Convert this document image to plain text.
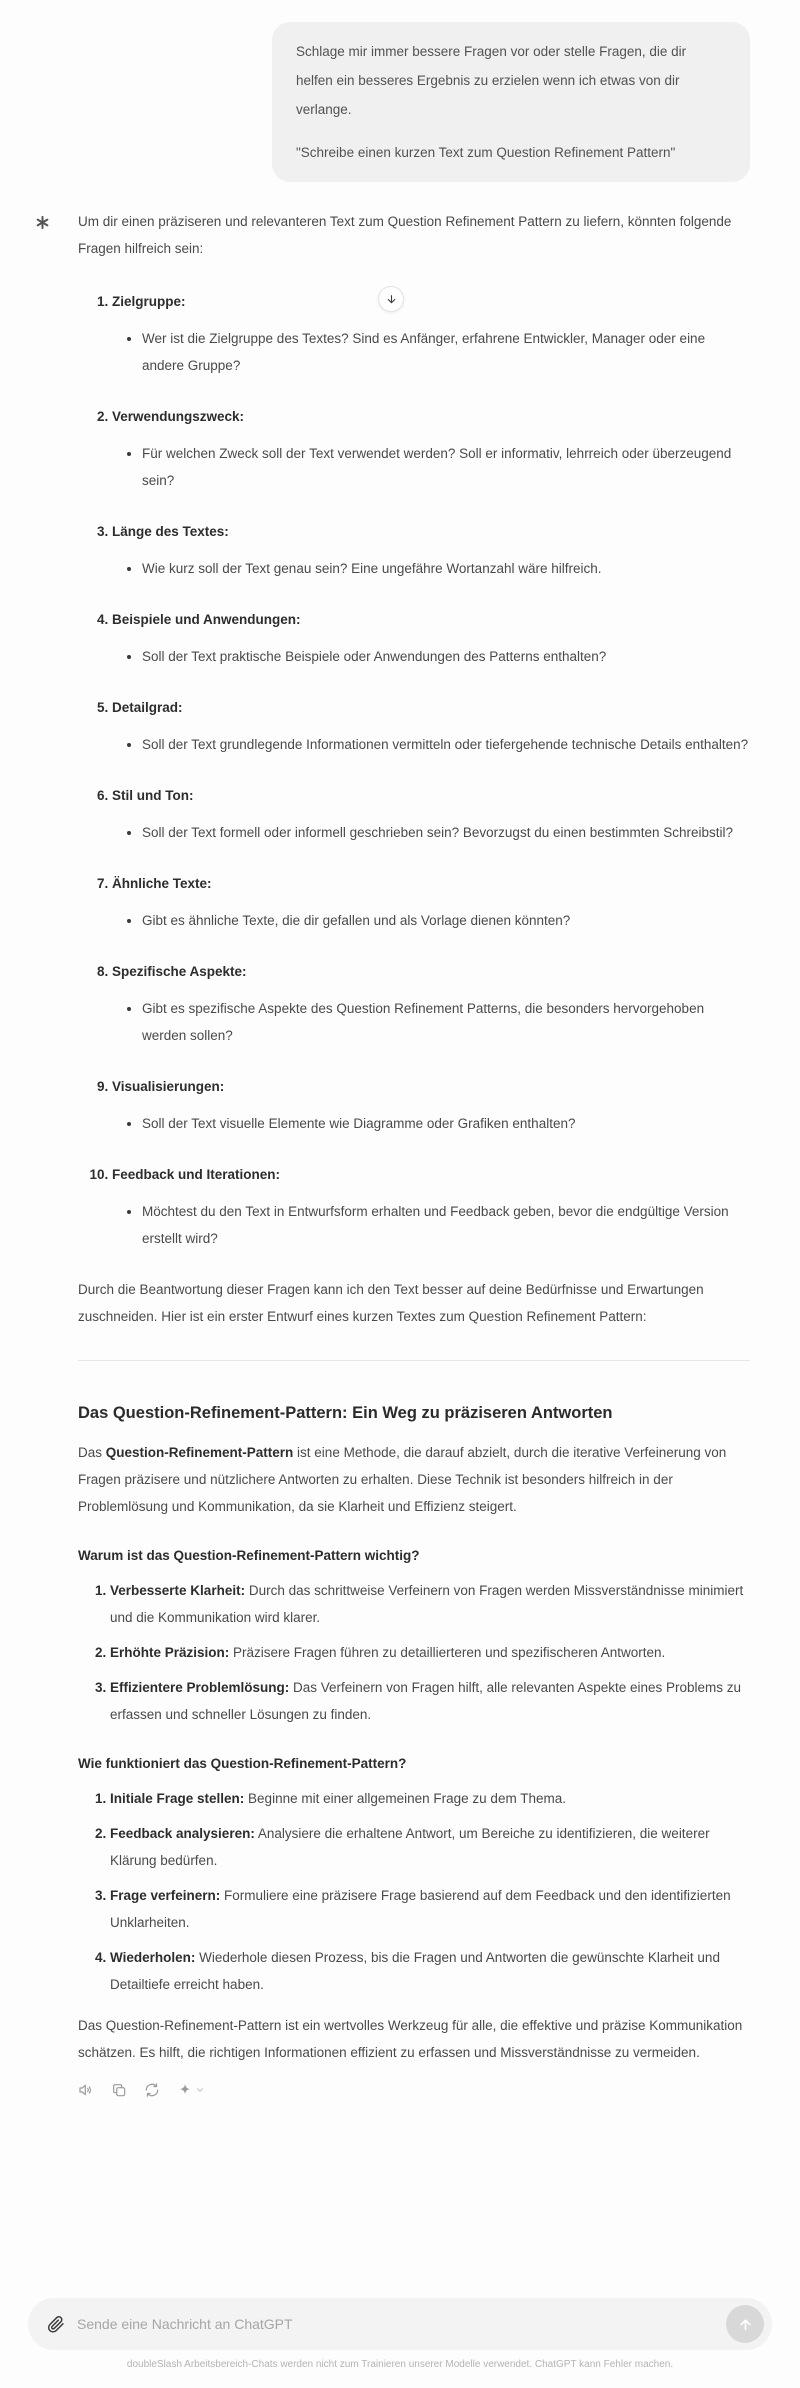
Schlage mir immer bessere Fragen vor oder stelle Fragen, die dir helfen ein besseres Ergebnis zu erzielen wenn ich etwas von dir verlange.

"Schreibe einen kurzen Text zum Question Refinement Pattern"

Um dir einen präziseren und relevanteren Text zum Question Refinement Pattern zu liefern, könnten folgende Fragen hilfreich sein:

1. Zielgruppe:
• Wer ist die Zielgruppe des Textes? Sind es Anfänger, erfahrene Entwickler, Manager oder eine andere Gruppe?
2. Verwendungszweck:
• Für welchen Zweck soll der Text verwendet werden? Soll er informativ, lehrreich oder überzeugend sein?
3. Länge des Textes:
• Wie kurz soll der Text genau sein? Eine ungefähre Wortanzahl wäre hilfreich.
4. Beispiele und Anwendungen:
• Soll der Text praktische Beispiele oder Anwendungen des Patterns enthalten?
5. Detailgrad:
• Soll der Text grundlegende Informationen vermitteln oder tiefergehende technische Details enthalten?
6. Stil und Ton:
• Soll der Text formell oder informell geschrieben sein? Bevorzugst du einen bestimmten Schreibstil?
7. Ähnliche Texte:
• Gibt es ähnliche Texte, die dir gefallen und als Vorlage dienen könnten?
8. Spezifische Aspekte:
• Gibt es spezifische Aspekte des Question Refinement Patterns, die besonders hervorgehoben werden sollen?
9. Visualisierungen:
• Soll der Text visuelle Elemente wie Diagramme oder Grafiken enthalten?
10. Feedback und Iterationen:
• Möchtest du den Text in Entwurfsform erhalten und Feedback geben, bevor die endgültige Version erstellt wird?

Durch die Beantwortung dieser Fragen kann ich den Text besser auf deine Bedürfnisse und Erwartungen zuschneiden. Hier ist ein erster Entwurf eines kurzen Textes zum Question Refinement Pattern:

Das Question-Refinement-Pattern: Ein Weg zu präziseren Antworten

Das Question-Refinement-Pattern ist eine Methode, die darauf abzielt, durch die iterative Verfeinerung von Fragen präzisere und nützlichere Antworten zu erhalten. Diese Technik ist besonders hilfreich in der Problemlösung und Kommunikation, da sie Klarheit und Effizienz steigert.

Warum ist das Question-Refinement-Pattern wichtig?
1. Verbesserte Klarheit: Durch das schrittweise Verfeinern von Fragen werden Missverständnisse minimiert und die Kommunikation wird klarer.
2. Erhöhte Präzision: Präzisere Fragen führen zu detaillierteren und spezifischeren Antworten.
3. Effizientere Problemlösung: Das Verfeinern von Fragen hilft, alle relevanten Aspekte eines Problems zu erfassen und schneller Lösungen zu finden.
Wie funktioniert das Question-Refinement-Pattern?
1. Initiale Frage stellen: Beginne mit einer allgemeinen Frage zu dem Thema.
2. Feedback analysieren: Analysiere die erhaltene Antwort, um Bereiche zu identifizieren, die weiterer Klärung bedürfen.
3. Frage verfeinern: Formuliere eine präzisere Frage basierend auf dem Feedback und den identifizierten Unklarheiten.
4. Wiederholen: Wiederhole diesen Prozess, bis die Fragen und Antworten die gewünschte Klarheit und Detailtiefe erreicht haben.

Das Question-Refinement-Pattern ist ein wertvolles Werkzeug für alle, die effektive und präzise Kommunikation schätzen. Es hilft, die richtigen Informationen effizient zu erfassen und Missverständnisse zu vermeiden.

Sende eine Nachricht an ChatGPT
doubleSlash Arbeitsbereich-Chats werden nicht zum Trainieren unserer Modelle verwendet. ChatGPT kann Fehler machen.
